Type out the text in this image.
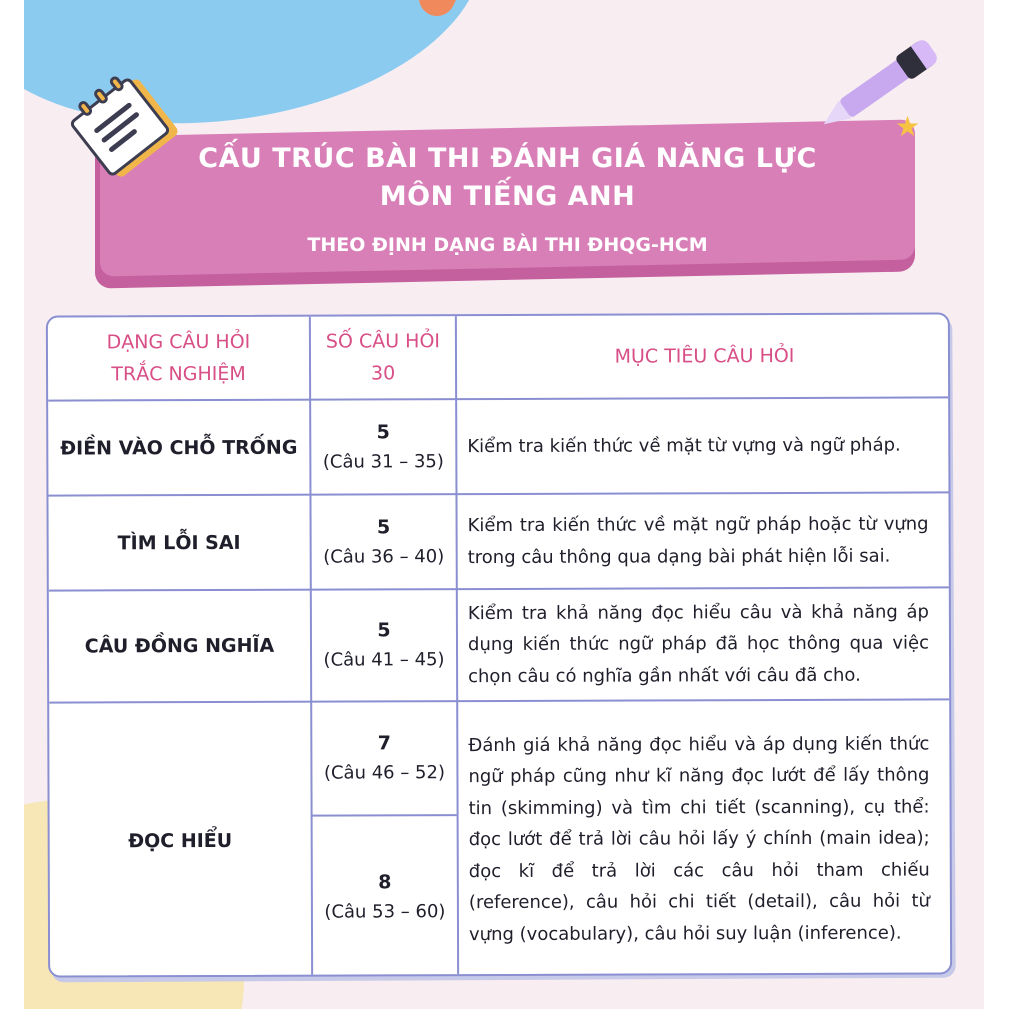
CẤU TRÚC BÀI THI ĐÁNH GIÁ NĂNG LỰC
MÔN TIẾNG ANH
THEO ĐỊNH DẠNG BÀI THI ĐHQG-HCM
★
DẠNG CÂU HỎI
TRẮC NGHIỆM
SỐ CÂU HỎI
30
MỤC TIÊU CÂU HỎI
ĐIỀN VÀO CHỖ TRỐNG
5
(Câu 31 – 35)
Kiểm tra kiến thức về mặt từ vựng và ngữ pháp.
TÌM LỖI SAI
5
(Câu 36 – 40)
Kiểm tra kiến thức về mặt ngữ pháp hoặc từ vựng trong câu thông qua dạng bài phát hiện lỗi sai.
CÂU ĐỒNG NGHĨA
5
(Câu 41 – 45)
Kiểm tra khả năng đọc hiểu câu và khả năng áp dụng kiến thức ngữ pháp đã học thông qua việc chọn câu có nghĩa gần nhất với câu đã cho.
ĐỌC HIỂU
7
(Câu 46 – 52)
8
(Câu 53 – 60)
Đánh giá khả năng đọc hiểu và áp dụng kiến thức ngữ pháp cũng như kĩ năng đọc lướt để lấy thông tin (skimming) và tìm chi tiết (scanning), cụ thể: đọc lướt để trả lời câu hỏi lấy ý chính (main idea); đọc kĩ để trả lời các câu hỏi tham chiếu (reference), câu hỏi chi tiết (detail), câu hỏi từ vựng (vocabulary), câu hỏi suy luận (inference).
